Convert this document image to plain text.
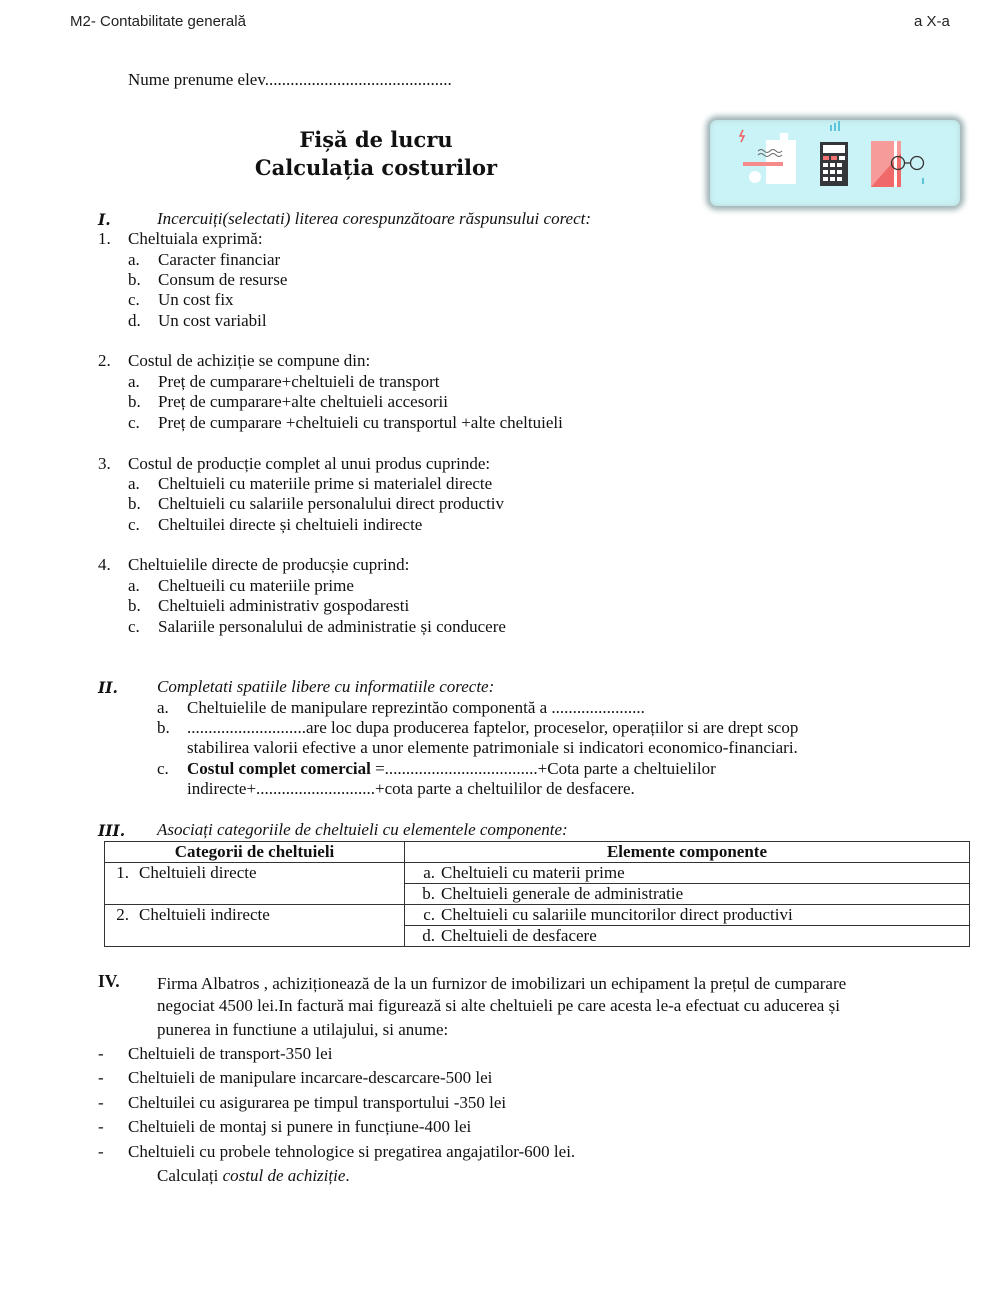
M2- Contabilitate generală	a X-a
Nume prenume elev............................................
Fișă de lucru
Calculația costurilor
I.	Incercuiți(selectati) literea corespunzătoare răspunsului corect:
1. Cheltuiala exprimă:
a. Caracter financiar
b. Consum de resurse
c. Un cost fix
d. Un cost variabil
2. Costul de achiziție se compune din:
a. Preț de cumparare+cheltuieli de transport
b. Preț de cumparare+alte cheltuieli accesorii
c. Preț de cumparare +cheltuieli cu transportul +alte cheltuieli
3. Costul de producție complet al unui produs cuprinde:
a. Cheltuieli cu materiile prime si materialel directe
b. Cheltuieli cu salariile personalului direct productiv
c. Cheltuilei directe și cheltuieli indirecte
4. Cheltuielile directe de producșie cuprind:
a. Cheltueili cu materiile prime
b. Cheltuieli administrativ gospodaresti
c. Salariile personalului de administratie și conducere
II. Completati spatiile libere cu informatiile corecte:
a. Cheltuielile de manipulare reprezintăo componentă a ......................
b. ............................are loc dupa producerea faptelor, proceselor, operațiilor si are drept scop
stabilirea valorii efective a unor elemente patrimoniale si indicatori economico-financiari.
c. Costul complet comercial =....................................+Cota parte a cheltuielilor
indirecte+............................+cota parte a cheltuililor de desfacere.
III. Asociați categoriile de cheltuieli cu elementele componente:
Categorii de cheltuieli	Elemente componente
1. Cheltuieli directe	a. Cheltuieli cu materii prime
	b. Cheltuieli generale de administratie
2. Cheltuieli indirecte	c. Cheltuieli cu salariile muncitorilor direct productivi
	d. Cheltuieli de desfacere
IV. Firma Albatros , achiziționează de la un furnizor de imobilizari un echipament la prețul de cumparare
negociat 4500 lei.In factură mai figurează si alte cheltuieli pe care acesta le-a efectuat cu aducerea și
punerea in functiune a utilajului, si anume:
- Cheltuieli de transport-350 lei
- Cheltuieli de manipulare incarcare-descarcare-500 lei
- Cheltuilei cu asigurarea pe timpul transportului -350 lei
- Cheltuieli de montaj si punere in funcțiune-400 lei
- Cheltuieli cu probele tehnologice si pregatirea angajatilor-600 lei.
Calculați costul de achiziție.
